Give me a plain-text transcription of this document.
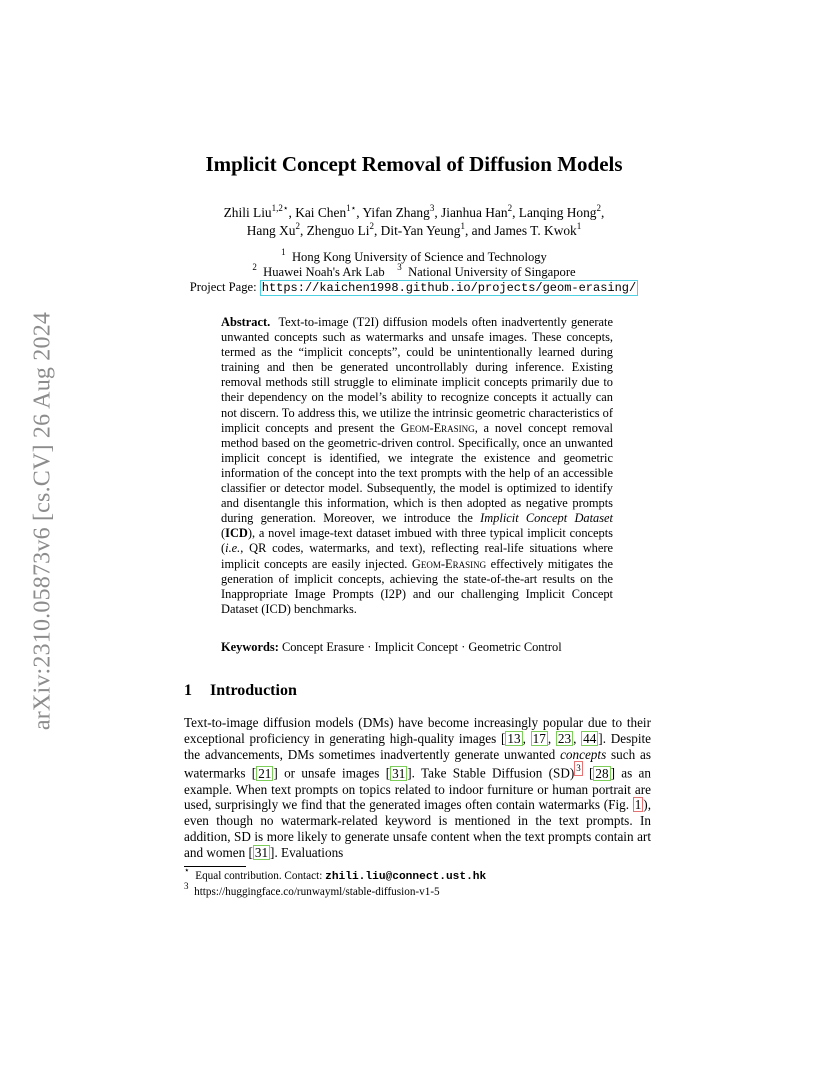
arXiv:2310.05873v6 [cs.CV] 26 Aug 2024
Implicit Concept Removal of Diffusion Models
Zhili Liu$^{1,2⋆}$, Kai Chen$^{1⋆}$, Yifan Zhang$^3$, Jianhua Han$^2$, Lanqing Hong$^2$,
Hang Xu$^2$, Zhenguo Li$^2$, Dit-Yan Yeung$^1$, and James T. Kwok$^1$
$^1$ Hong Kong University of Science and Technology
$^2$ Huawei Noah's Ark Lab $^3$ National University of Singapore
Project Page: https://kaichen1998.github.io/projects/geom-erasing/

Abstract. Text-to-image (T2I) diffusion models often inadvertently generate unwanted concepts such as watermarks and unsafe images. These concepts, termed as the “implicit concepts”, could be unintentionally learned during training and then be generated uncontrollably during inference. Existing removal methods still struggle to eliminate implicit concepts primarily due to their dependency on the model’s ability to recognize concepts it actually can not discern. To address this, we utilize the intrinsic geometric characteristics of implicit concepts and present the Geom-Erasing, a novel concept removal method based on the geometric-driven control. Specifically, once an unwanted implicit concept is identified, we integrate the existence and geometric information of the concept into the text prompts with the help of an accessible classifier or detector model. Subsequently, the model is optimized to identify and disentangle this information, which is then adopted as negative prompts during generation. Moreover, we introduce the Implicit Concept Dataset (ICD), a novel image-text dataset imbued with three typical implicit concepts (i.e., QR codes, watermarks, and text), reflecting real-life situations where implicit concepts are easily injected. Geom-Erasing effectively mitigates the generation of implicit concepts, achieving the state-of-the-art results on the Inappropriate Image Prompts (I2P) and our challenging Implicit Concept Dataset (ICD) benchmarks.

Keywords: Concept Erasure · Implicit Concept · Geometric Control
1 Introduction

Text-to-image diffusion models (DMs) have become increasingly popular due to their exceptional proficiency in generating high-quality images [ 13 , 17 , 23 , 44 ]. Despite the advancements, DMs sometimes inadvertently generate unwanted concepts such as watermarks [ 21 ] or unsafe images [ 31 ]. Take Stable Diffusion (SD) $^3$ [ 28 ] as an example. When text prompts on topics related to indoor furniture or human portrait are used, surprisingly we find that the generated images often contain watermarks (Fig. 1 ), even though no watermark-related keyword is mentioned in the text prompts. In addition, SD is more likely to generate unsafe content when the text prompts contain art and women [ 31 ]. Evaluations

⋆ Equal contribution. Contact: zhili.liu@connect.ust.hk
$^3$ https://huggingface.co/runwayml/stable-diffusion-v1-5
